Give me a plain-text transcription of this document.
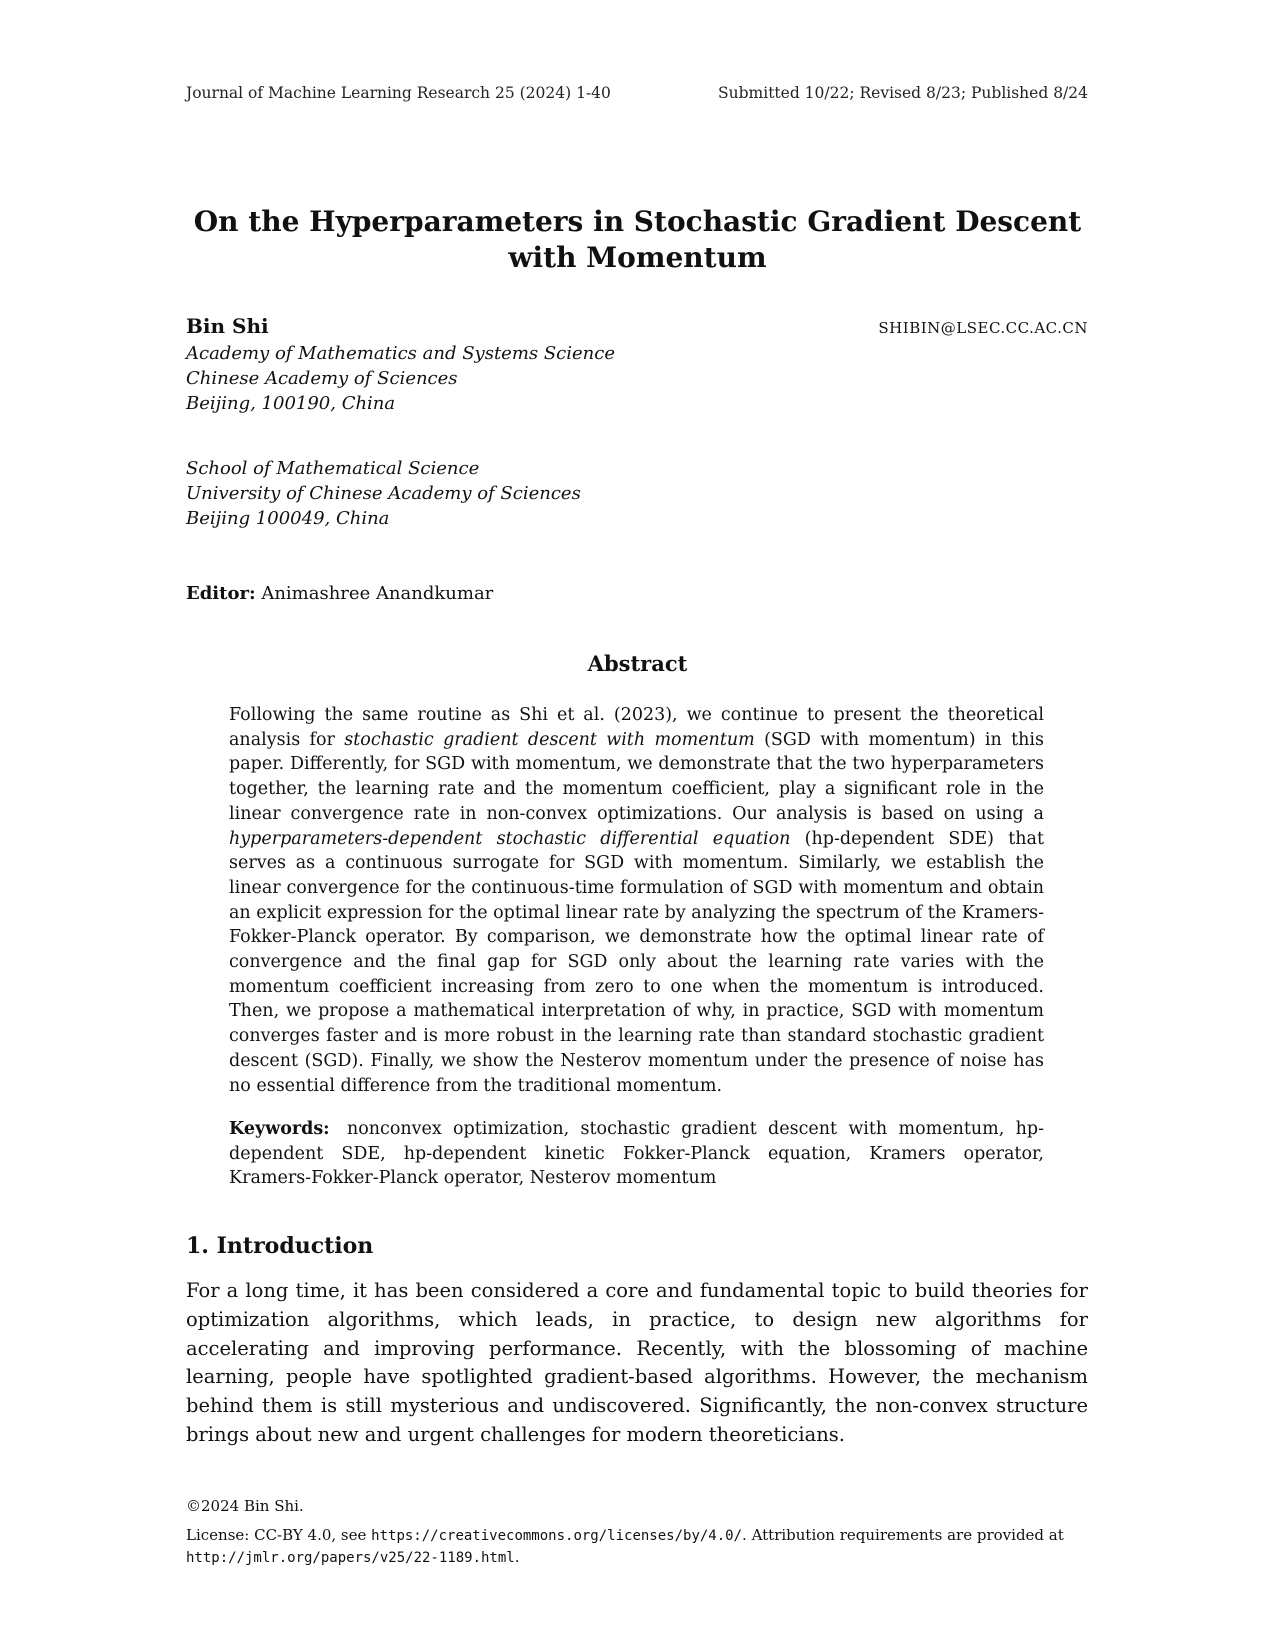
Journal of Machine Learning Research 25 (2024) 1-40	Submitted 10/22; Revised 8/23; Published 8/24
On the Hyperparameters in Stochastic Gradient Descent
with Momentum
Bin Shi	SHIBIN@LSEC.CC.AC.CN
Academy of Mathematics and Systems Science
Chinese Academy of Sciences
Beijing, 100190, China
School of Mathematical Science
University of Chinese Academy of Sciences
Beijing 100049, China
Editor: Animashree Anandkumar
Abstract

Following the same routine as Shi et al. (2023), we continue to present the theoretical analysis for stochastic gradient descent with momentum (SGD with momentum) in this paper. Differently, for SGD with momentum, we demonstrate that the two hyperparameters together, the learning rate and the momentum coefficient, play a significant role in the linear convergence rate in non-convex optimizations. Our analysis is based on using a hyperparameters-dependent stochastic differential equation (hp-dependent SDE) that serves as a continuous surrogate for SGD with momentum. Similarly, we establish the linear convergence for the continuous-time formulation of SGD with momentum and obtain an explicit expression for the optimal linear rate by analyzing the spectrum of the Kramers-Fokker-Planck operator. By comparison, we demonstrate how the optimal linear rate of convergence and the final gap for SGD only about the learning rate varies with the momentum coefficient increasing from zero to one when the momentum is introduced. Then, we propose a mathematical interpretation of why, in practice, SGD with momentum converges faster and is more robust in the learning rate than standard stochastic gradient descent (SGD). Finally, we show the Nesterov momentum under the presence of noise has no essential difference from the traditional momentum.

Keywords: nonconvex optimization, stochastic gradient descent with momentum, hp-dependent SDE, hp-dependent kinetic Fokker-Planck equation, Kramers operator, Kramers-Fokker-Planck operator, Nesterov momentum

1. Introduction

For a long time, it has been considered a core and fundamental topic to build theories for optimization algorithms, which leads, in practice, to design new algorithms for accelerating and improving performance. Recently, with the blossoming of machine learning, people have spotlighted gradient-based algorithms. However, the mechanism behind them is still mysterious and undiscovered. Significantly, the non-convex structure brings about new and urgent challenges for modern theoreticians.

©2024 Bin Shi.

License: CC-BY 4.0, see https://creativecommons.org/licenses/by/4.0/. Attribution requirements are provided at http://jmlr.org/papers/v25/22-1189.html.
